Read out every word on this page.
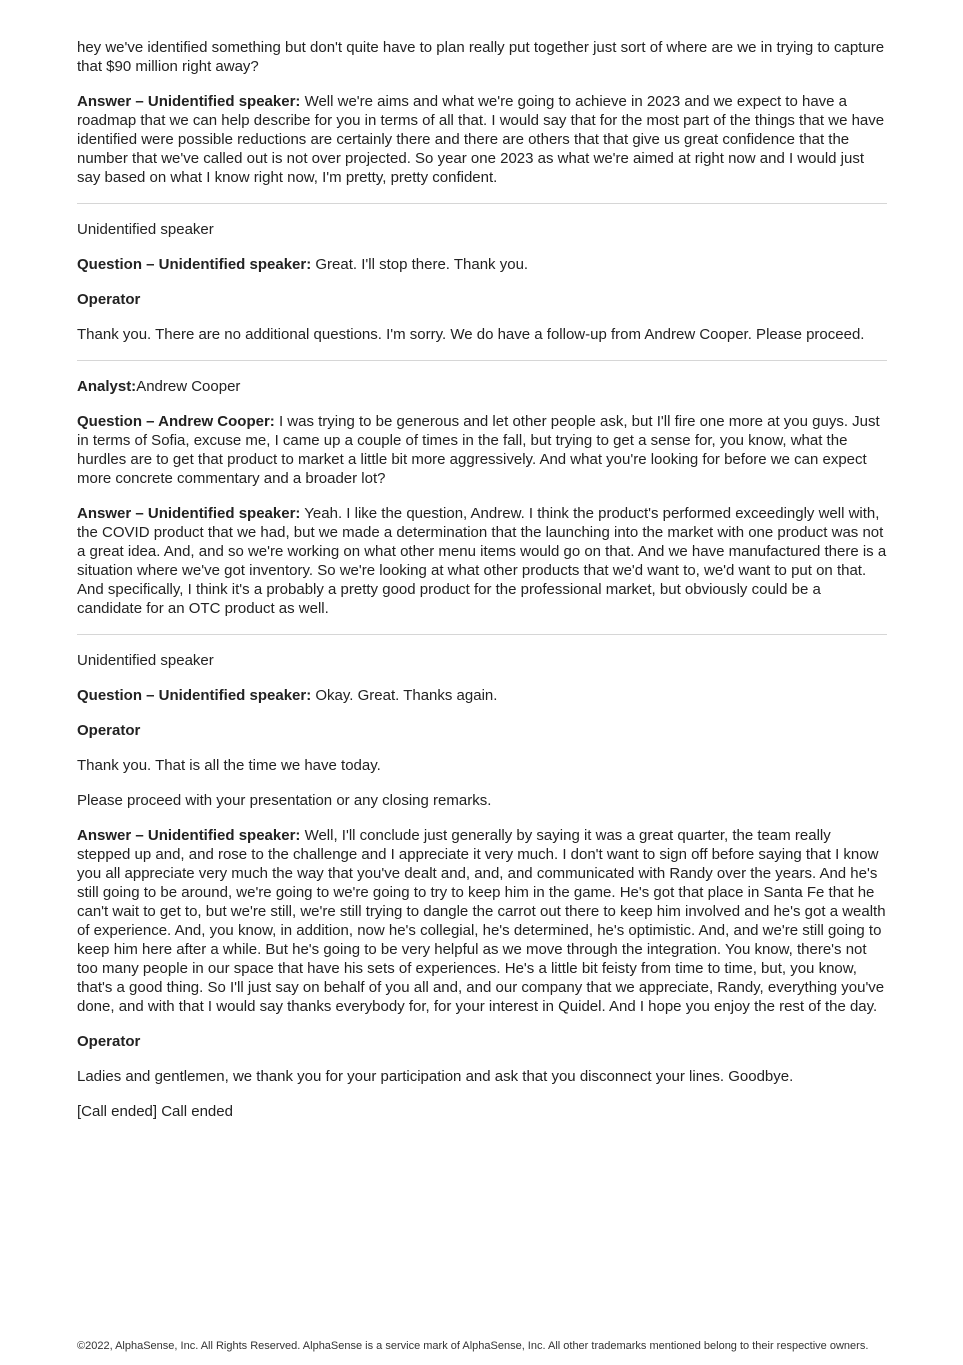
hey we've identified something but don't quite have to plan really put together just sort of where are we in trying to capture that $90 million right away?

Answer – Unidentified speaker: Well we're aims and what we're going to achieve in 2023 and we expect to have a roadmap that we can help describe for you in terms of all that. I would say that for the most part of the things that we have identified were possible reductions are certainly there and there are others that that give us great confidence that the number that we've called out is not over projected. So year one 2023 as what we're aimed at right now and I would just say based on what I know right now, I'm pretty, pretty confident.

Unidentified speaker

Question – Unidentified speaker: Great. I'll stop there. Thank you.

Operator

Thank you. There are no additional questions. I'm sorry. We do have a follow-up from Andrew Cooper. Please proceed.

Analyst:Andrew Cooper

Question – Andrew Cooper: I was trying to be generous and let other people ask, but I'll fire one more at you guys. Just in terms of Sofia, excuse me, I came up a couple of times in the fall, but trying to get a sense for, you know, what the hurdles are to get that product to market a little bit more aggressively. And what you're looking for before we can expect more concrete commentary and a broader lot?

Answer – Unidentified speaker: Yeah. I like the question, Andrew. I think the product's performed exceedingly well with, the COVID product that we had, but we made a determination that the launching into the market with one product was not a great idea. And, and so we're working on what other menu items would go on that. And we have manufactured there is a situation where we've got inventory. So we're looking at what other products that we'd want to, we'd want to put on that. And specifically, I think it's a probably a pretty good product for the professional market, but obviously could be a candidate for an OTC product as well.

Unidentified speaker

Question – Unidentified speaker: Okay. Great. Thanks again.

Operator

Thank you. That is all the time we have today.

Please proceed with your presentation or any closing remarks.

Answer – Unidentified speaker: Well, I'll conclude just generally by saying it was a great quarter, the team really stepped up and, and rose to the challenge and I appreciate it very much. I don't want to sign off before saying that I know you all appreciate very much the way that you've dealt and, and, and communicated with Randy over the years. And he's still going to be around, we're going to we're going to try to keep him in the game. He's got that place in Santa Fe that he can't wait to get to, but we're still, we're still trying to dangle the carrot out there to keep him involved and he's got a wealth of experience. And, you know, in addition, now he's collegial, he's determined, he's optimistic. And, and we're still going to keep him here after a while. But he's going to be very helpful as we move through the integration. You know, there's not too many people in our space that have his sets of experiences. He's a little bit feisty from time to time, but, you know, that's a good thing. So I'll just say on behalf of you all and, and our company that we appreciate, Randy, everything you've done, and with that I would say thanks everybody for, for your interest in Quidel. And I hope you enjoy the rest of the day.

Operator

Ladies and gentlemen, we thank you for your participation and ask that you disconnect your lines. Goodbye.

[Call ended] Call ended

©2022, AlphaSense, Inc. All Rights Reserved. AlphaSense is a service mark of AlphaSense, Inc. All other trademarks mentioned belong to their respective owners.
